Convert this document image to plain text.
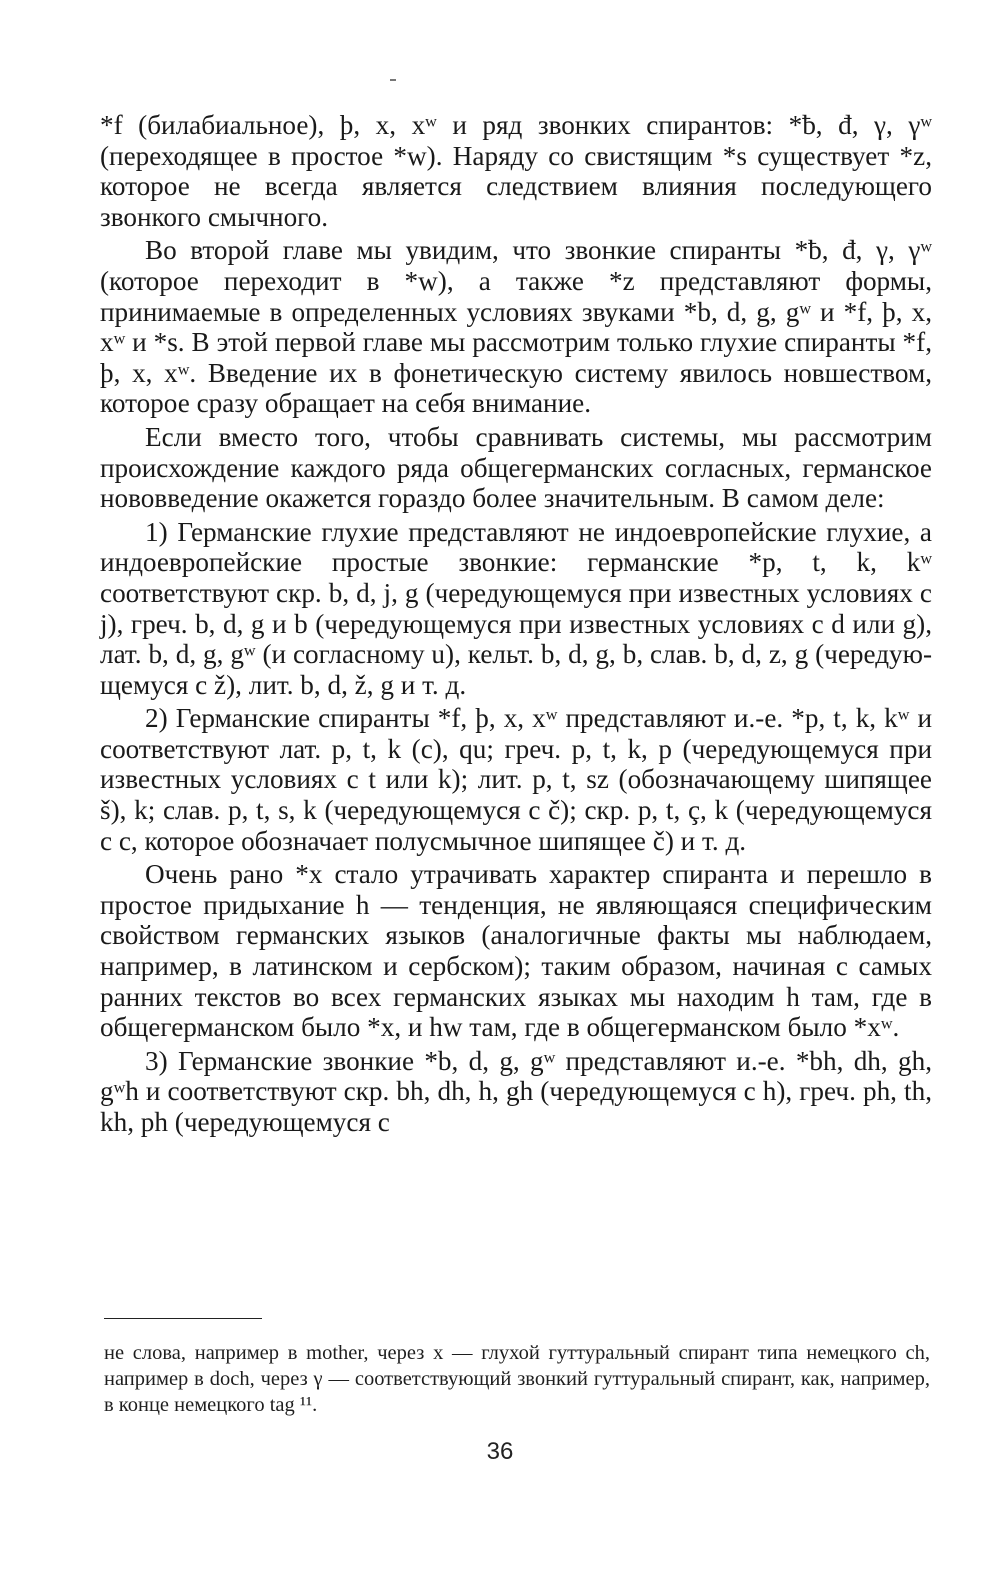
*f (билабиальное), þ, x, xʷ и ряд звонких спирантов: *ƀ, đ, γ, γʷ (переходящее в простое *w). Наряду со свистящим *s существует *z, которое не всегда является следствием влияния последующего звонкого смычного.

Во второй главе мы увидим, что звонкие спиранты *ƀ, đ, γ, γʷ (которое переходит в *w), а также *z представляют формы, принимаемые в определенных условиях звуками *b, d, g, gʷ и *f, þ, x, xʷ и *s. В этой первой главе мы рассмотрим только глухие спиранты *f, þ, x, xʷ. Введение их в фонетическую систему явилось новшеством, которое сразу обращает на себя внимание.

Если вместо того, чтобы сравнивать системы, мы рассмотрим происхождение каждого ряда общегерманских согласных, германское нововведение окажется гораздо более значительным. В самом деле:

1) Германские глухие представляют не индоевропейские глухие, а индоевропейские простые звонкие: германские *p, t, k, kʷ соответствуют скр. b, d, j, g (чередующемуся при известных условиях с j), греч. b, d, g и b (чередующемуся при известных условиях с d или g), лат. b, d, g, gʷ (и согласному u), кельт. b, d, g, b, слав. b, d, z, g (чередующемуся с ž), лит. b, d, ž, g и т. д.

2) Германские спиранты *f, þ, x, xʷ представляют и.-е. *p, t, k, kʷ и соответствуют лат. p, t, k (c), qu; греч. p, t, k, p (чередующемуся при известных условиях с t или k); лит. p, t, sz (обозначающему шипящее š), k; слав. p, t, s, k (чередующемуся с č); скр. p, t, ç, k (чередующемуся с c, которое обозначает полусмычное шипящее č) и т. д.

Очень рано *x стало утрачивать характер спиранта и перешло в простое придыхание h — тенденция, не являющаяся специфическим свойством германских языков (аналогичные факты мы наблюдаем, например, в латинском и сербском); таким образом, начиная с самых ранних текстов во всех германских языках мы находим h там, где в общегерманском было *x, и hw там, где в общегерманском было *xʷ.

3) Германские звонкие *b, d, g, gʷ представляют и.-е. *bh, dh, gh, gʷh и соответствуют скр. bh, dh, h, gh (чередующемуся с h), греч. ph, th, kh, ph (чередующемуся с

не слова, например в mother, через x — глухой гуттуральный спирант типа немецкого ch, например в doch, через γ — соответствующий звонкий гуттуральный спирант, как, например, в конце немецкого tag ¹¹.

36
